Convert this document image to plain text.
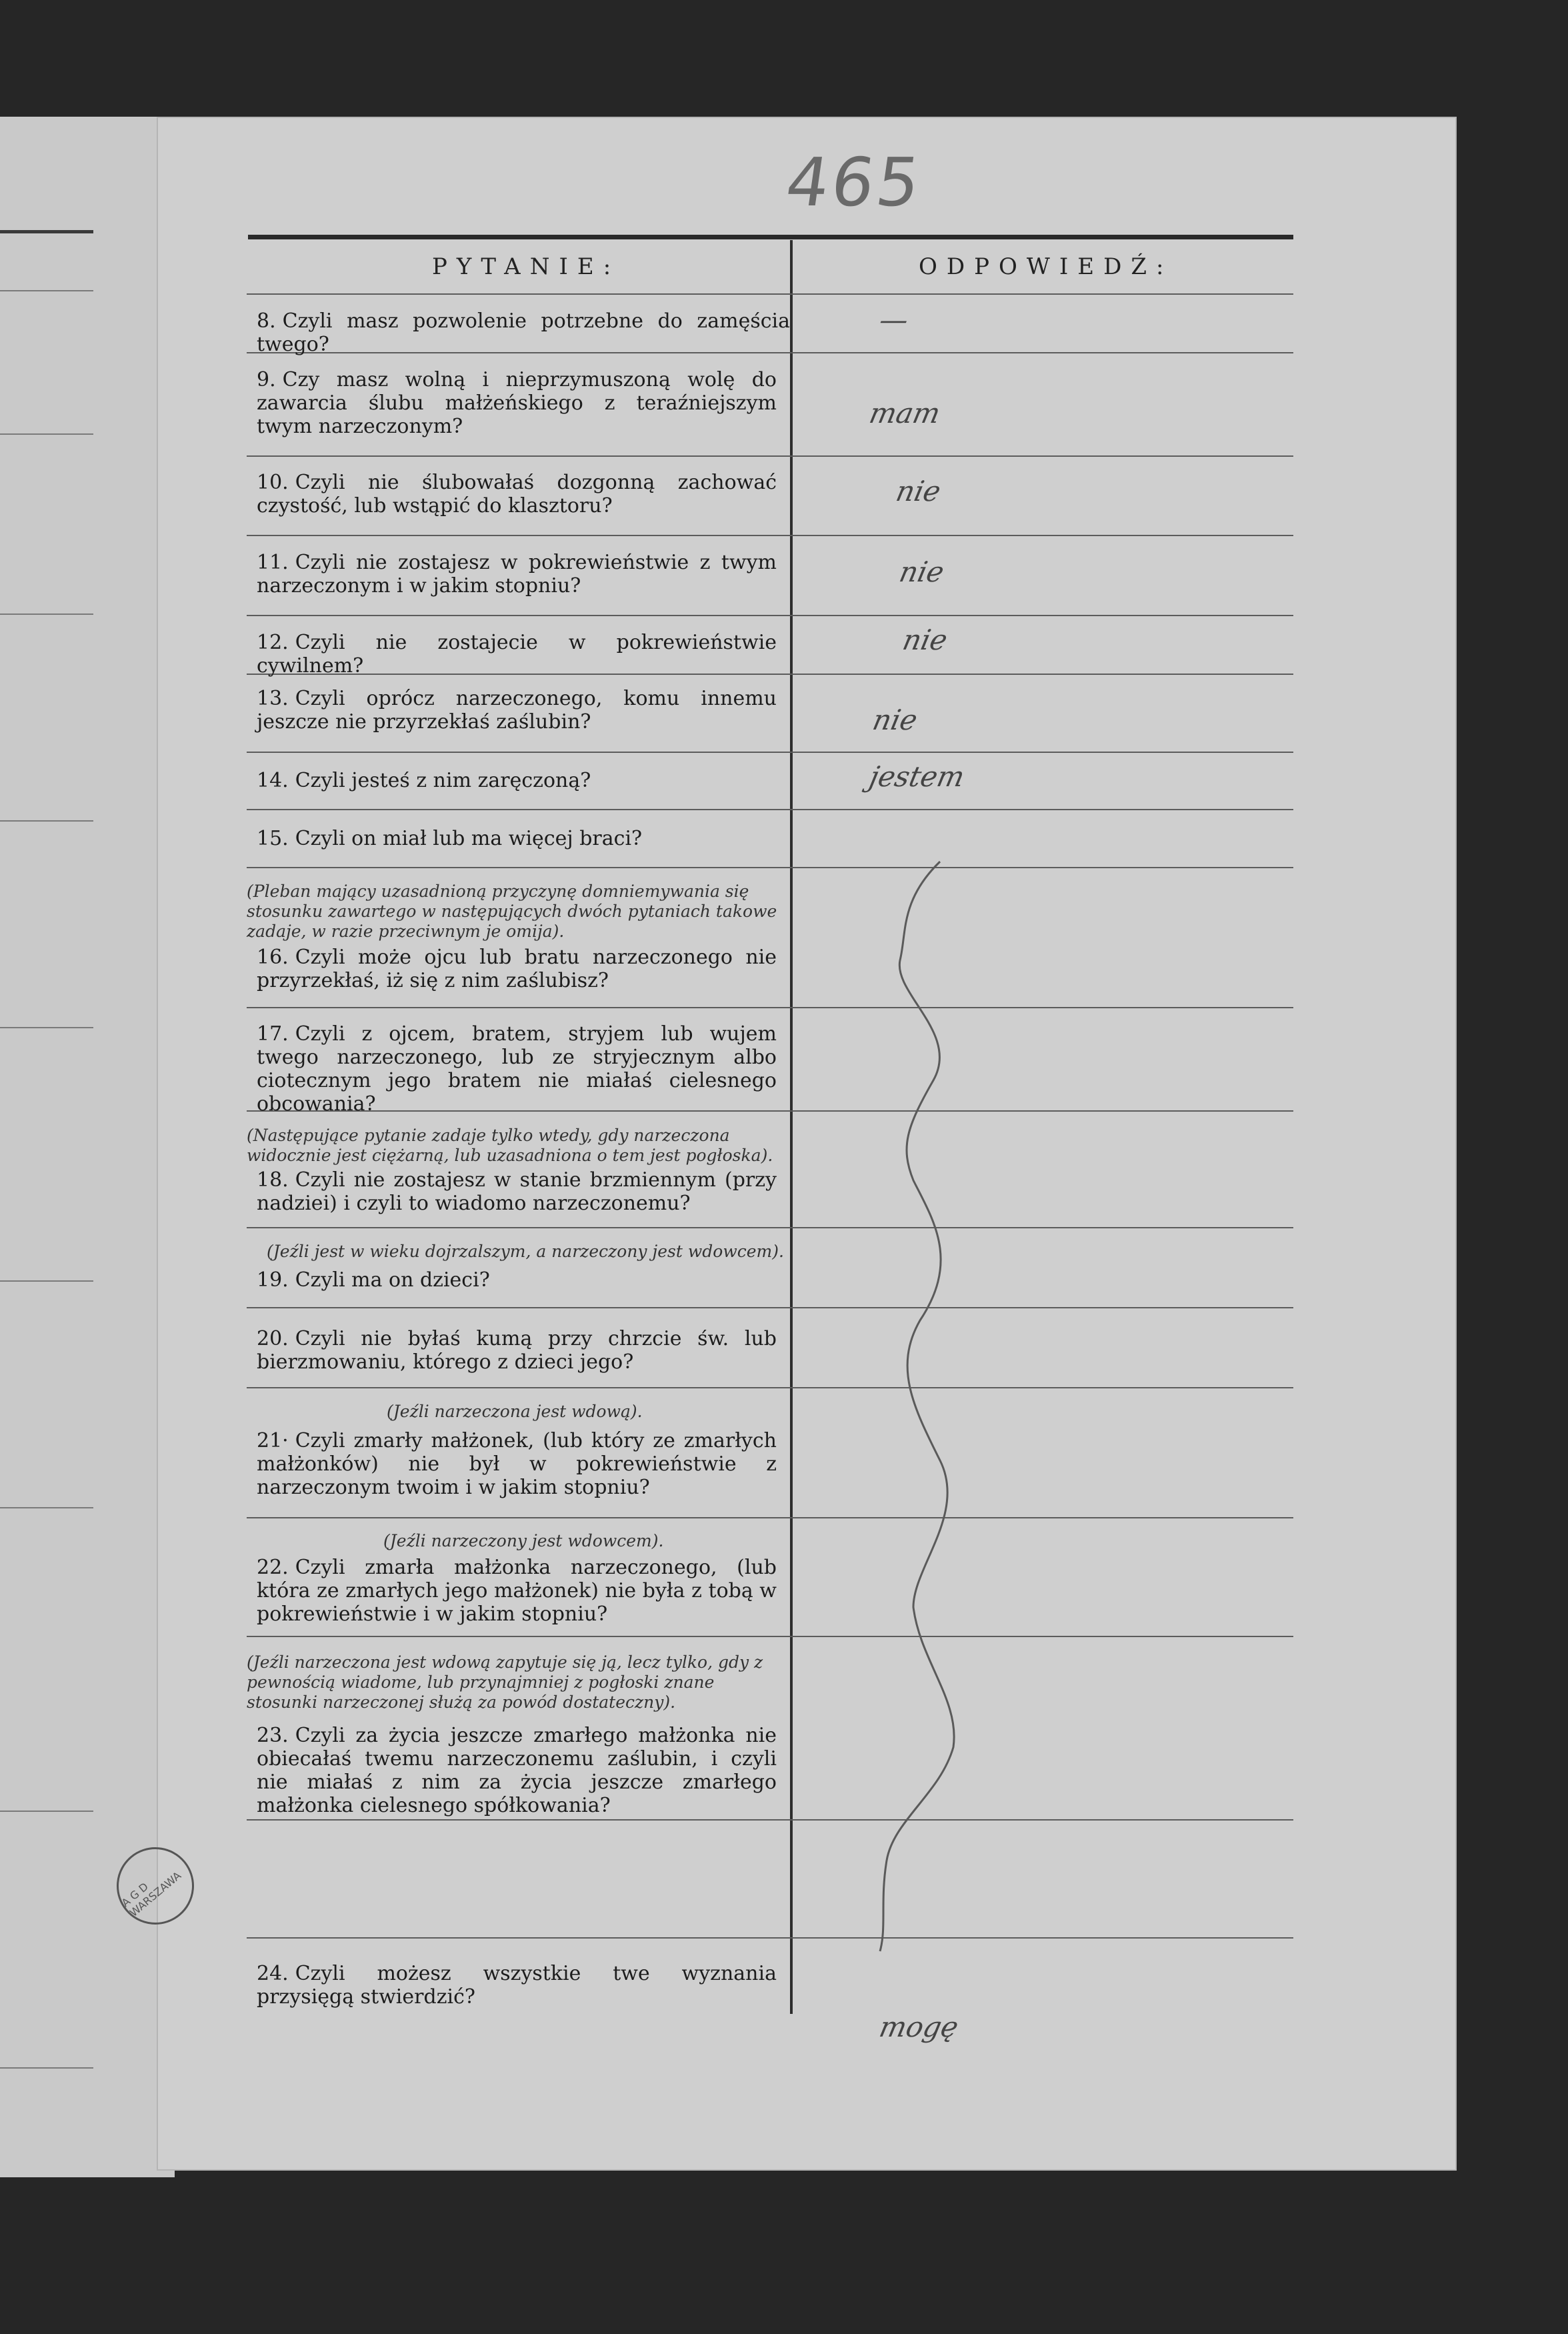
465
A G D WARSZAWA
PYTANIE:	ODPOWIEDŹ:
8. Czyli masz pozwolenie potrzebne do zamęścia twego?
9. Czy masz wolną i nieprzymuszoną wolę do zawarcia ślubu małżeńskiego z teraźniejszym twym narzeczonym?
10. Czyli nie ślubowałaś dozgonną zachować czystość, lub wstąpić do klasztoru?
11. Czyli nie zostajesz w pokrewieństwie z twym narzeczonym i w jakim stopniu?
12. Czyli nie zostajecie w pokrewieństwie cywilnem?
13. Czyli oprócz narzeczonego, komu innemu jeszcze nie przyrzekłaś zaślubin?
14. Czyli jesteś z nim zaręczoną?
15. Czyli on miał lub ma więcej braci?
(Pleban mający uzasadnioną przyczynę domniemywania się stosunku zawartego w następujących dwóch pytaniach takowe zadaje, w razie przeciwnym je omija).
16. Czyli może ojcu lub bratu narzeczonego nie przyrzekłaś, iż się z nim zaślubisz?
17. Czyli z ojcem, bratem, stryjem lub wujem twego narzeczonego, lub ze stryjecznym albo ciotecznym jego bratem nie miałaś cielesnego obcowania?
(Następujące pytanie zadaje tylko wtedy, gdy narzeczona widocznie jest ciężarną, lub uzasadniona o tem jest pogłoska).
18. Czyli nie zostajesz w stanie brzmiennym (przy nadziei) i czyli to wiadomo narzeczonemu?
(Jeźli jest w wieku dojrzalszym, a narzeczony jest wdowcem).
19. Czyli ma on dzieci?
20. Czyli nie byłaś kumą przy chrzcie św. lub bierzmowaniu, którego z dzieci jego?
(Jeźli narzeczona jest wdową).
21· Czyli zmarły małżonek, (lub który ze zmarłych małżonków) nie był w pokrewieństwie z narzeczonym twoim i w jakim stopniu?
(Jeźli narzeczony jest wdowcem).
22. Czyli zmarła małżonka narzeczonego, (lub która ze zmarłych jego małżonek) nie była z tobą w pokrewieństwie i w jakim stopniu?
(Jeźli narzeczona jest wdową zapytuje się ją, lecz tylko, gdy z pewnością wiadome, lub przynajmniej z pogłoski znane stosunki narzeczonej służą za powód dostateczny).
23. Czyli za życia jeszcze zmarłego małżonka nie obiecałaś twemu narzeczonemu zaślubin, i czyli nie miałaś z nim za życia jeszcze zmarłego małżonka cielesnego spółkowania?
24. Czyli możesz wszystkie twe wyznania przysięgą stwierdzić?
—
mam
nie
nie
nie
nie
jestem
mogę
